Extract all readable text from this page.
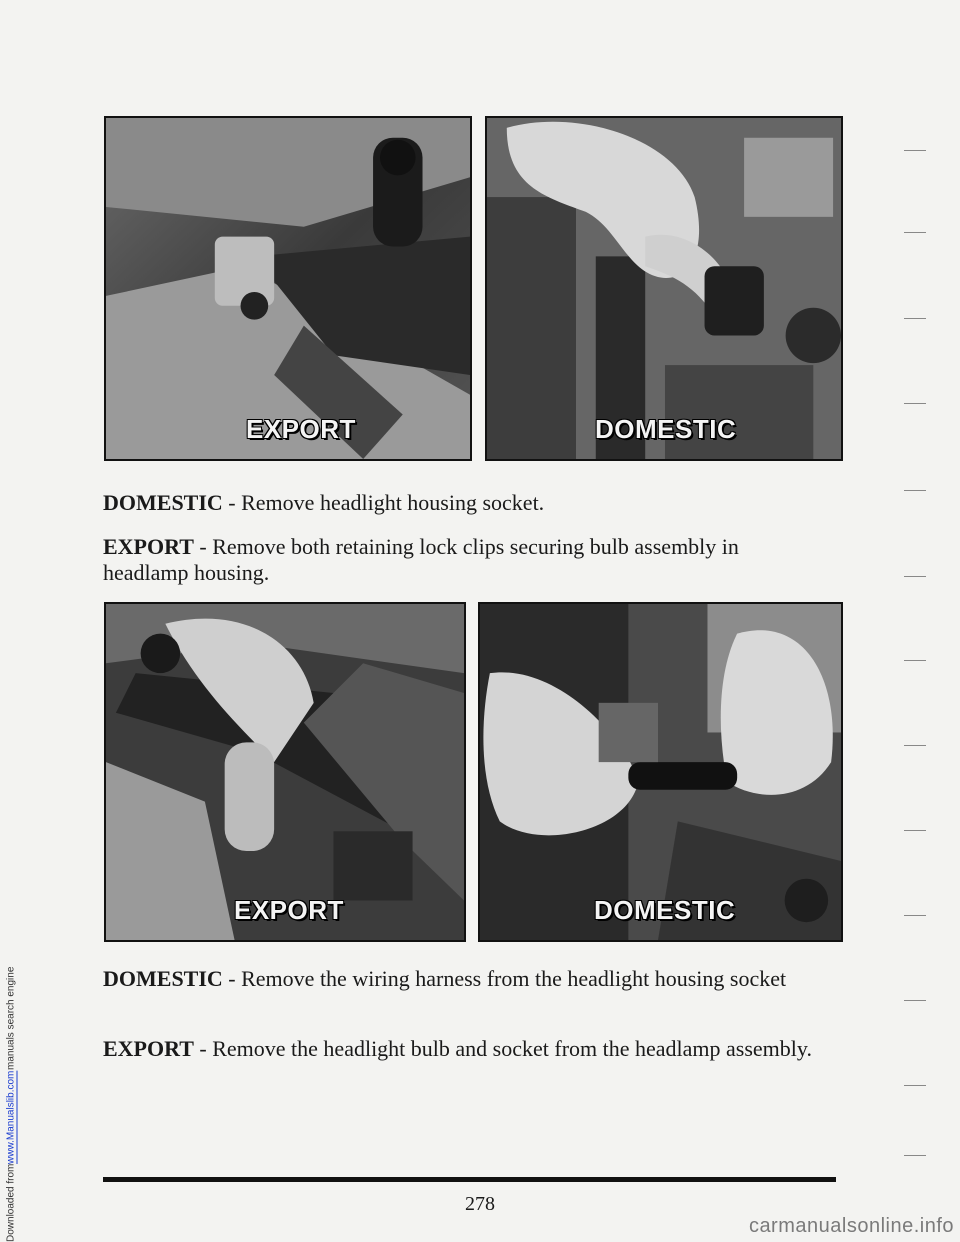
Downloaded from
www.Manualslib.com
manuals search engine
EXPORT	DOMESTIC
DOMESTIC - Remove headlight housing socket.
EXPORT - Remove both retaining lock clips securing bulb assembly in headlamp housing.
EXPORT	DOMESTIC
DOMESTIC - Remove the wiring harness from the headlight housing socket
EXPORT - Remove the headlight bulb and socket from the headlamp assembly.
278
carmanualsonline.info
